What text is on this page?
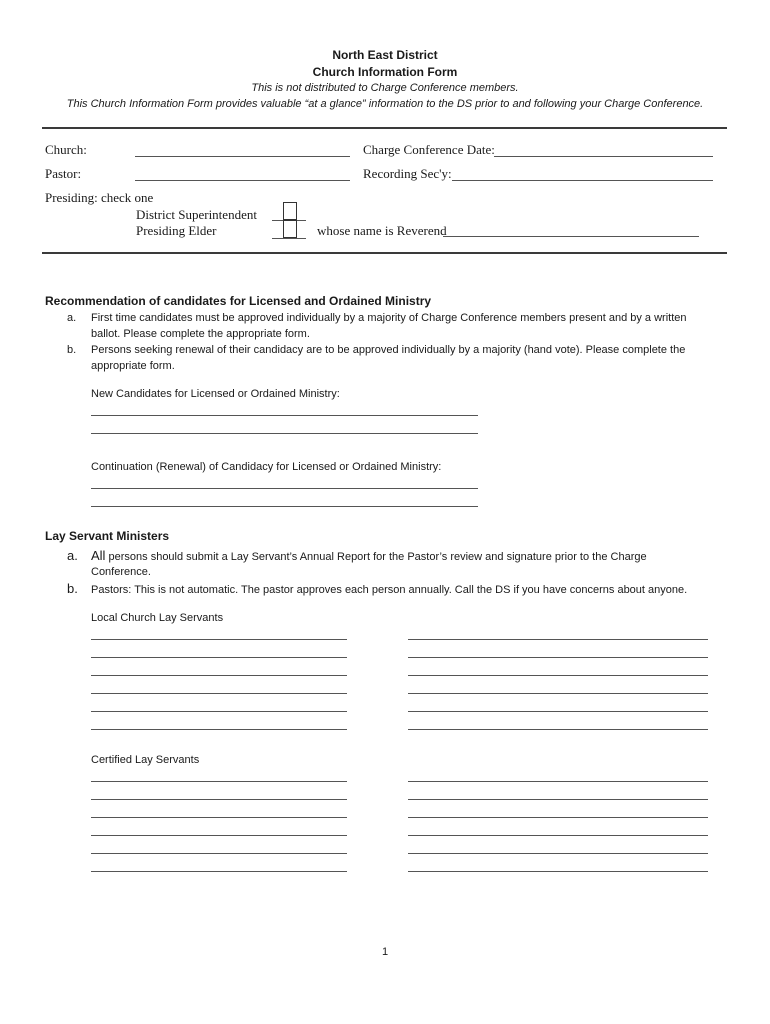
North East District
Church Information Form
This is not distributed to Charge Conference members.
This Church Information Form provides valuable “at a glance” information to the DS prior to and following your Charge Conference.
Church:	Charge Conference Date:
Pastor:	Recording Sec'y:
Presiding: check one
District Superintendent
Presiding Elder	whose name is Reverend
Recommendation of candidates for Licensed and Ordained Ministry
a. First time candidates must be approved individually by a majority of Charge Conference members present and by a written
ballot. Please complete the appropriate form.
b. Persons seeking renewal of their candidacy are to be approved individually by a majority (hand vote). Please complete the
appropriate form.
New Candidates for Licensed or Ordained Ministry:
Continuation (Renewal) of Candidacy for Licensed or Ordained Ministry:
Lay Servant Ministers
a. All persons should submit a Lay Servant’s Annual Report for the Pastor’s review and signature prior to the Charge
Conference.
b. Pastors: This is not automatic. The pastor approves each person annually. Call the DS if you have concerns about anyone.
Local Church Lay Servants
Certified Lay Servants
1
